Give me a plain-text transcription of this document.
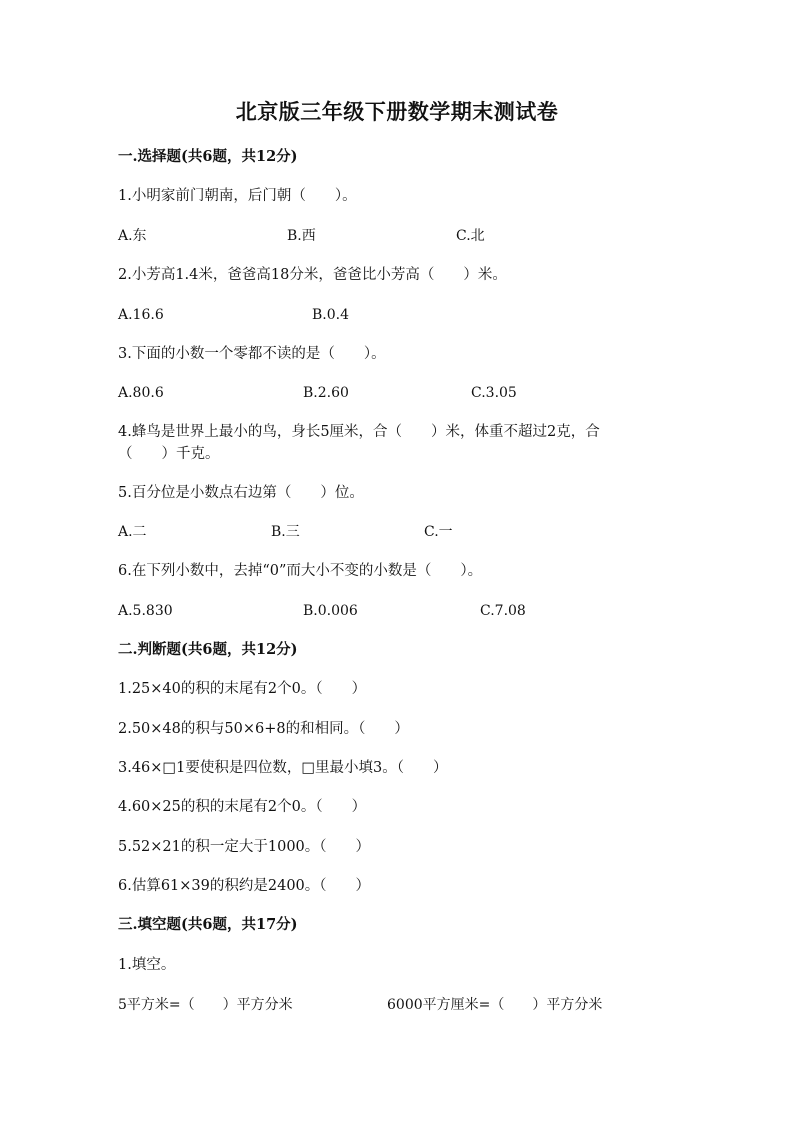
北京版三年级下册数学期末测试卷
一.选择题(共6题，共12分)
1.小明家前门朝南，后门朝（　　）。
A.东	B.西	C.北
2.小芳高1.4米，爸爸高18分米，爸爸比小芳高（　　）米。
A.16.6	B.0.4
3.下面的小数一个零都不读的是（　　）。
A.80.6	B.2.60	C.3.05
4.蜂鸟是世界上最小的鸟，身长5厘米，合（　　）米，体重不超过2克，合
（　　）千克。
5.百分位是小数点右边第（　　）位。
A.二	B.三	C.一
6.在下列小数中，去掉“0”而大小不变的小数是（　　）。
A.5.830	B.0.006	C.7.08
二.判断题(共6题，共12分)
1.25×40的积的末尾有2个0。（　　）
2.50×48的积与50×6+8的和相同。（　　）
3.46×□1要使积是四位数，□里最小填3。（　　）
4.60×25的积的末尾有2个0。（　　）
5.52×21的积一定大于1000。（　　）
6.估算61×39的积约是2400。（　　）
三.填空题(共6题，共17分)
1.填空。
5平方米=（　　）平方分米	6000平方厘米=（　　）平方分米
